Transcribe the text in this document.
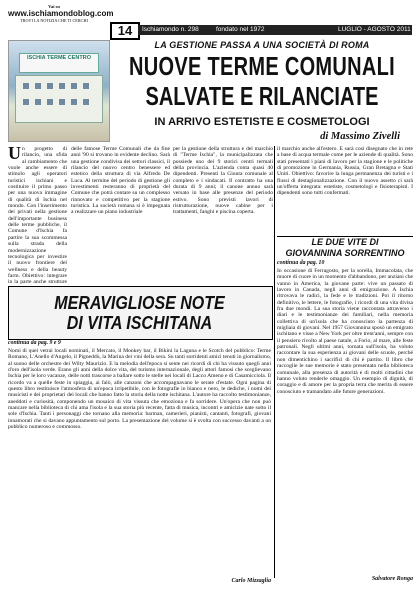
Vai su
www.ischiamondoblog.com
TROVI LA NOTIZIA CHE TI CERCHI
14	Ischiamondo n. 298	fondato nel 1972	LUGLIO - AGOSTO 2011
ISCHIA TERME CENTRO
LA GESTIONE PASSA A UNA SOCIETÀ DI ROMA
NUOVE TERME COMUNALI
SALVATE E RILANCIATE
IN ARRIVO ESTETISTE E COSMETOLOGI
di Massimo Zivelli
Un progetto di rilancio, una sfida al cambiamento che vuole anche essere di stimolo agli operatori turistici ischiani e costituire il primo passo per una nuova immagine di qualità di Ischia nel mondo. Con l'inserimento dei privati nella gestione dell'importante business delle terme pubbliche, il Comune d'Ischia fa partire la sua scommessa sulla strada della modernizzazione tecnologica per investire il nuovo frontiere del wellness e della beauty farm. Obiettivo: integrare in la parte anche strutture
delle famose Terme Comunali che da fine anni '90 si trovano in evidente declino. Sarà una gestione condivisa dei settori classici, il rilancio del nuovo centro benessere ed estetico della struttura di via Alfredo De Luca. Al termine del periodo di gestione gli investimenti resteranno di proprietà del Comune che potrà contare su un complesso rinnovato e competitivo per la stagione turistica. La società romana si è impegnata a realizzare un piano industriale
per la gestione della struttura e del marchio di "Terme Ischia", la municipalizzata che possiede uno dei 9 storici centri termali della provincia. L'azienda conta quasi 40 dipendenti. Presenti la Giunta comunale al completo e i sindacati. Il contratto ha una durata di 9 anni; il canone annuo sarà versato in base alle presenze del periodo estivo. Sono previsti lavori di ristrutturazione, nuove cabine per i trattamenti, fanghi e piscina coperta.
il marchio anche all'estero. E sarà così disegnato che in rete a base di acqua termale come per le aziende di qualità. Sono stati presentati i piani di lavoro per la stagione e le politiche di promozione in Germania, Russia, Gran Bretagna e Stati Uniti. Obiettivo: favorire la lunga permanenza dei turisti e i flussi di destagionalizzazione. Con il nuovo assetto ci sarà un'offerta integrata: estetiste, cosmetologi e fisioterapisti. I dipendenti sono tutti confermati.
LE DUE VITE DI
GIOVANNINA SORRENTINO
continua da pag. 10
In occasione di Ferragosto, per la sorella, Immacolata, che muore di cuore in un momento d'abbandono, per anziani che vanno in America, la giovane parte: vive un passato di lavoro in Canada, negli anni di emigrazione. A Ischia ritrovava le radici, la fede e le tradizioni. Poi il ritorno definitivo, le lettere, le fotografie, i ricordi di una vita divisa fra due mondi. La sua storia viene raccontata attraverso i diari e le testimonianze dei familiari, nella memoria collettiva di un'isola che ha conosciuto la partenza di migliaia di giovani. Nel 1957 Giovannina sposò un emigrato ischitano e visse a New York per oltre trent'anni, sempre con il pensiero rivolto al paese natale, a Forio, al mare, alle feste patronali. Negli ultimi anni, tornata sull'isola, ha voluto raccontare la sua esperienza ai giovani delle scuole, perché non dimentichino i sacrifici di chi è partito. Il libro che raccoglie le sue memorie è stato presentato nella biblioteca comunale, alla presenza di autorità e di molti cittadini che hanno voluto renderle omaggio. Un esempio di dignità, di coraggio e di amore per la propria terra che merita di essere conosciuto e tramandato alle future generazioni.
Salvatore Ronga
MERAVIGLIOSE NOTE
DI VITA ISCHITANA
continua da pag. 9 e 9
Nomi di quei vetrai locali nominati, il Mercato, il Monkey bar, il Bikini la Laguna e le Scotch del pubblico: Terme Romano, L'Anello d'Angelo, il Pigneddù, la Marina dei vini della sera. Su tanti sorridenti amici tenuti in giornalismo, al suono delle orchestre dei Wilty Maurizio. E la melodia dell'epoca si sente nei ricordi di chi ha vissuto quegli anni d'oro dell'isola verde. Erano gli anni della dolce vita, del turismo internazionale, degli attori famosi che sceglievano Ischia per le loro vacanze, delle notti trascorse a ballare sotto le stelle nei locali di Lacco Ameno e di Casamicciola. Il ricordo va a quelle feste in spiaggia, ai falò, alle canzoni che accompagnavano le serate d'estate. Ogni pagina di questo libro restituisce l'atmosfera di un'epoca irripetibile, con le fotografie in bianco e nero, le dediche, i nomi dei musicisti e dei proprietari dei locali che hanno fatto la storia della notte ischitana. L'autore ha raccolto testimonianze, aneddoti e curiosità, componendo un mosaico di vita vissuta che emoziona e fa sorridere. Un'opera che non può mancare nella biblioteca di chi ama l'isola e la sua storia più recente, fatta di musica, incontri e amicizie nate sotto il sole d'Ischia. Tanti i personaggi che tornano alla memoria: barman, camerieri, pianisti, cantanti, fotografi, giovani innamorati che si davano appuntamento sul porto. La presentazione del volume si è svolta con successo davanti a un pubblico numeroso e commosso.
Carlo Mizzaglia
